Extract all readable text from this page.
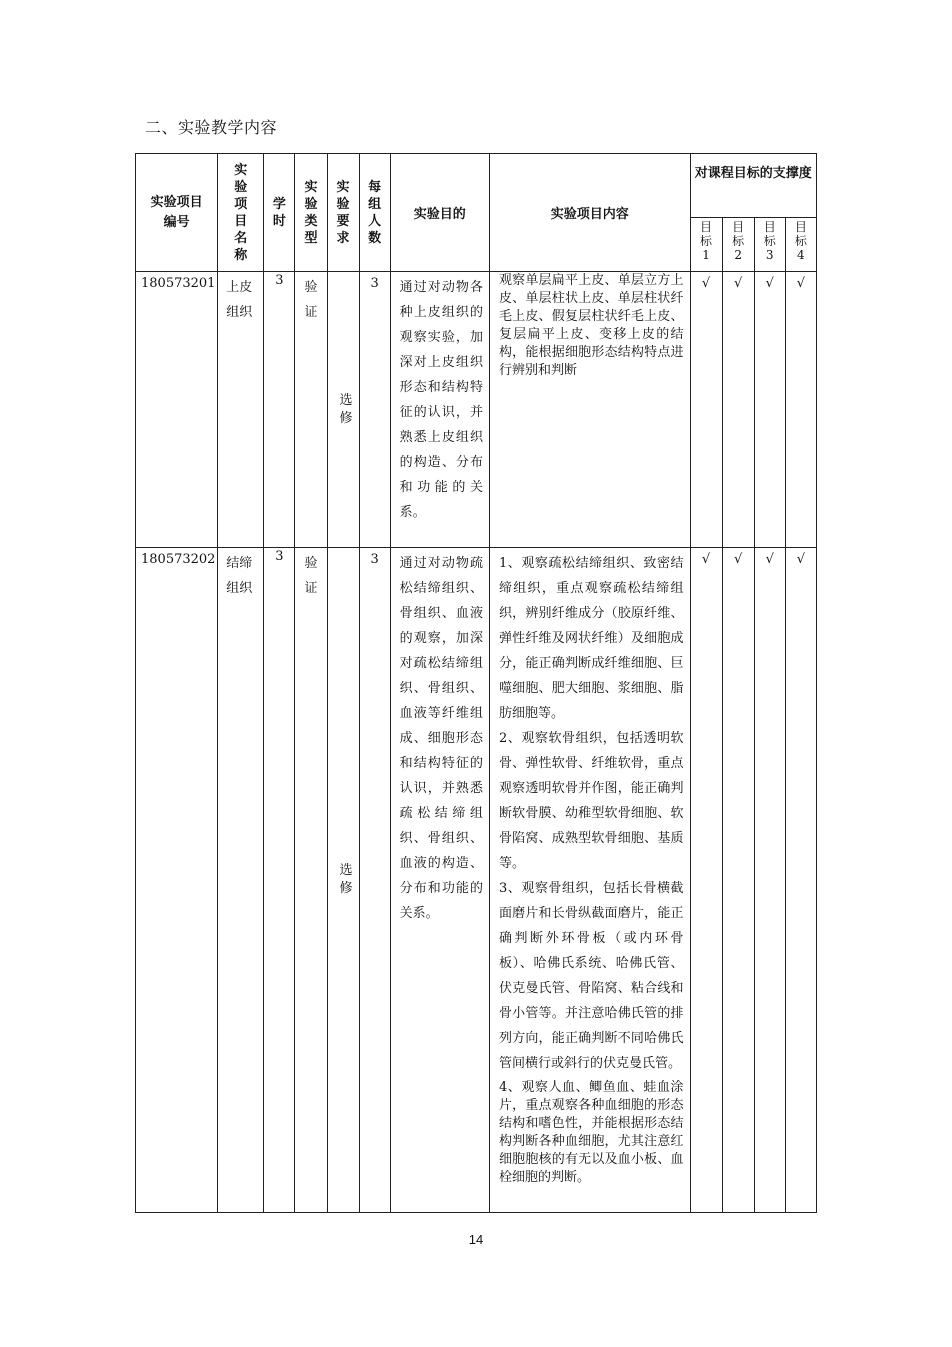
二、实验教学内容
实验项目编号	实验项目名称	学时	实验类型	实验要求	每组人数	实验目的	实验项目内容	对课程目标的支撑度			

								目标1	目标2	目标3	目标4

180573201	上皮组织	3	验证	选修	3	通过对动物各种上皮组织的观察实验，加深对上皮组织形态和结构特征的认识，并熟悉上皮组织的构造、分布和功能的关系。	观察单层扁平上皮、单层立方上皮、单层柱状上皮、单层柱状纤毛上皮、假复层柱状纤毛上皮、复层扁平上皮、变移上皮的结构，能根据细胞形态结构特点进行辨别和判断	√	√	√	√
180573202	结缔组织	3	验证	选修	3	通过对动物疏松结缔组织、骨组织、血液的观察，加深对疏松结缔组织、骨组织、血液等纤维组成、细胞形态和结构特征的认识，并熟悉疏松结缔组织、骨组织、血液的构造、分布和功能的关系。	1、观察疏松结缔组织、致密结缔组织，重点观察疏松结缔组织，辨别纤维成分（胶原纤维、弹性纤维及网状纤维）及细胞成分，能正确判断成纤维细胞、巨噬细胞、肥大细胞、浆细胞、脂肪细胞等。

2、观察软骨组织，包括透明软骨、弹性软骨、纤维软骨，重点观察透明软骨并作图，能正确判断软骨膜、幼稚型软骨细胞、软骨陷窝、成熟型软骨细胞、基质等。

3、观察骨组织，包括长骨横截面磨片和长骨纵截面磨片，能正确判断外环骨板（或内环骨板）、哈佛氏系统、哈佛氏管、伏克曼氏管、骨陷窝、粘合线和骨小管等。并注意哈佛氏管的排列方向，能正确判断不同哈佛氏管间横行或斜行的伏克曼氏管。

4、观察人血、鲫鱼血、蛙血涂片，重点观察各种血细胞的形态结构和嗜色性，并能根据形态结构判断各种血细胞，尤其注意红细胞胞核的有无以及血小板、血栓细胞的判断。	√	√	√	√
14
